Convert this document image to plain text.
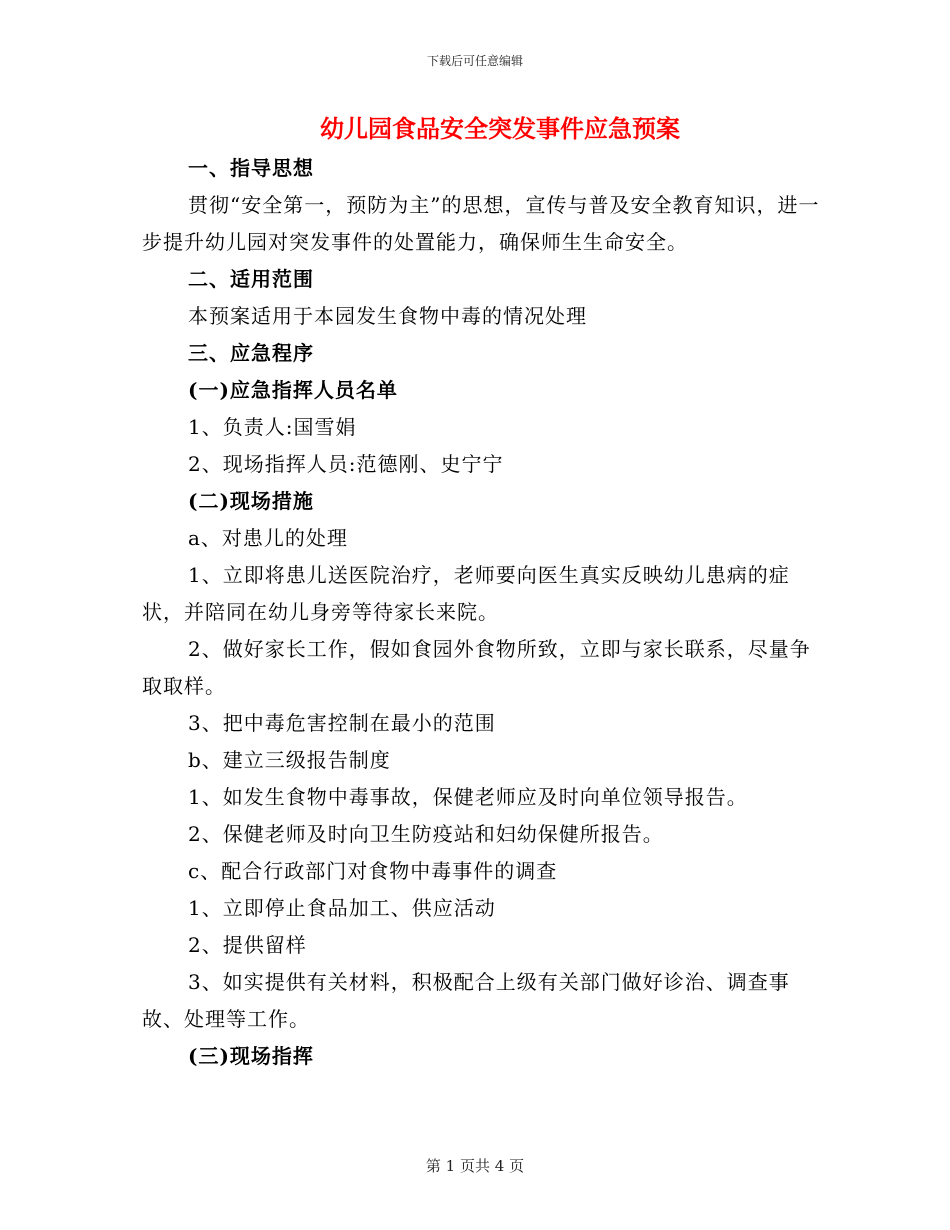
下载后可任意编辑
幼儿园食品安全突发事件应急预案
一、指导思想
贯彻“安全第一，预防为主”的思想，宣传与普及安全教育知识，进一步提升幼儿园对突发事件的处置能力，确保师生生命安全。
二、适用范围
本预案适用于本园发生食物中毒的情况处理
三、应急程序
(一)应急指挥人员名单
1、负责人:国雪娟
2、现场指挥人员:范德刚、史宁宁
(二)现场措施
a、对患儿的处理
1、立即将患儿送医院治疗，老师要向医生真实反映幼儿患病的症状，并陪同在幼儿身旁等待家长来院。
2、做好家长工作，假如食园外食物所致，立即与家长联系，尽量争取取样。
3、把中毒危害控制在最小的范围
b、建立三级报告制度
1、如发生食物中毒事故，保健老师应及时向单位领导报告。
2、保健老师及时向卫生防疫站和妇幼保健所报告。
c、配合行政部门对食物中毒事件的调查
1、立即停止食品加工、供应活动
2、提供留样
3、如实提供有关材料，积极配合上级有关部门做好诊治、调查事故、处理等工作。
(三)现场指挥
第 1 页共 4 页
